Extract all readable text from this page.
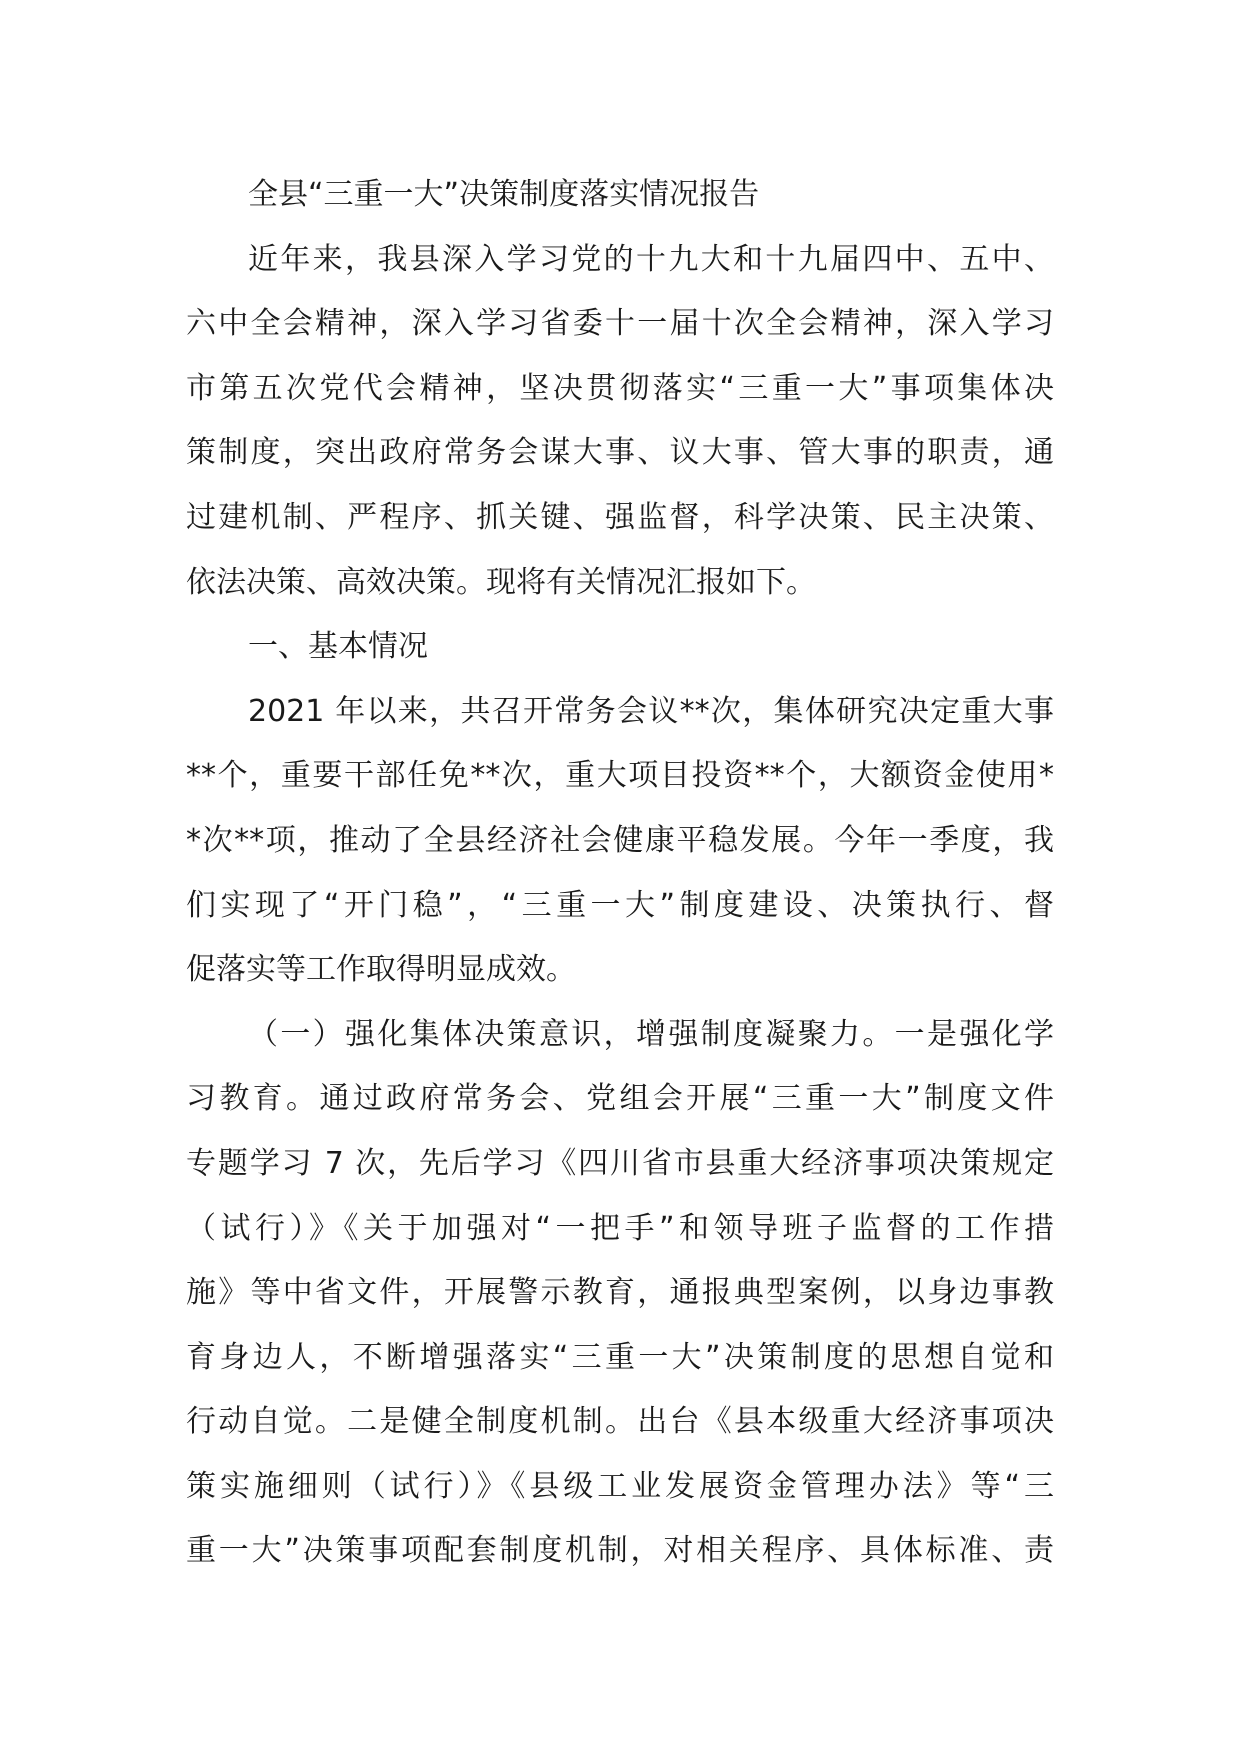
全县“三重一大”决策制度落实情况报告
近年来，我县深入学习党的十九大和十九届四中、五中、
六中全会精神，深入学习省委十一届十次全会精神，深入学习
市第五次党代会精神，坚决贯彻落实“三重一大”事项集体决
策制度，突出政府常务会谋大事、议大事、管大事的职责，通
过建机制、严程序、抓关键、强监督，科学决策、民主决策、
依法决策、高效决策。现将有关情况汇报如下。
一、基本情况
2021 年以来，共召开常务会议**次，集体研究决定重大事
**个，重要干部任免**次，重大项目投资**个，大额资金使用*
*次**项，推动了全县经济社会健康平稳发展。今年一季度，我
们实现了“开门稳”，“三重一大”制度建设、决策执行、督
促落实等工作取得明显成效。
（一）强化集体决策意识，增强制度凝聚力。一是强化学
习教育。通过政府常务会、党组会开展“三重一大”制度文件
专题学习 7 次，先后学习《四川省市县重大经济事项决策规定
（试行）》《关于加强对“一把手”和领导班子监督的工作措
施》等中省文件，开展警示教育，通报典型案例，以身边事教
育身边人，不断增强落实“三重一大”决策制度的思想自觉和
行动自觉。二是健全制度机制。出台《县本级重大经济事项决
策实施细则（试行）》《县级工业发展资金管理办法》等“三
重一大”决策事项配套制度机制，对相关程序、具体标准、责
